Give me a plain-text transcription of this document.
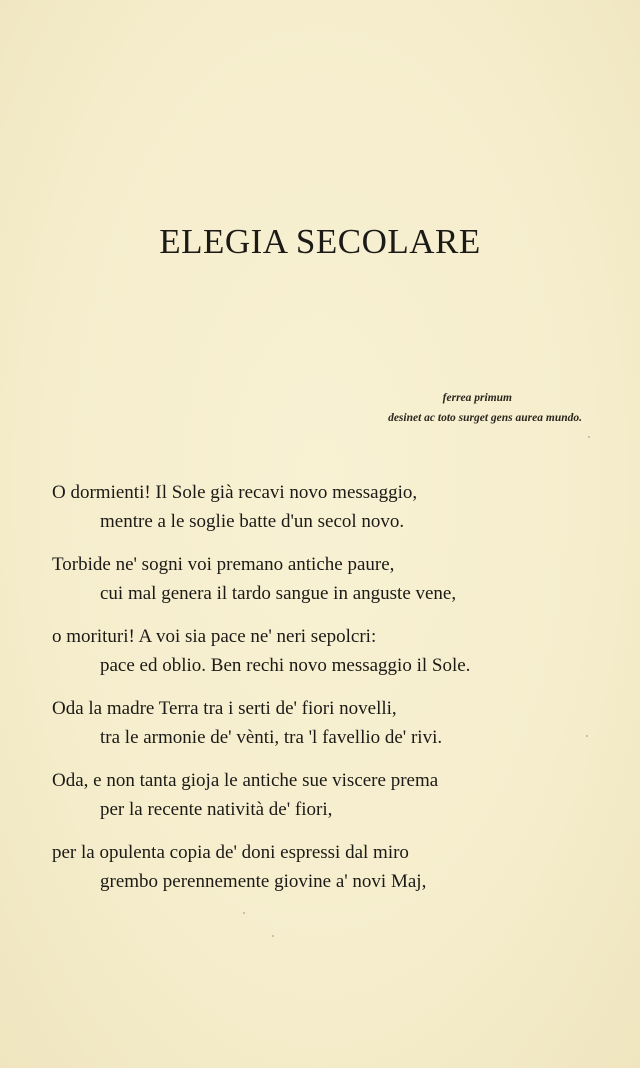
ELEGIA SECOLARE
ferrea primum
desinet ac toto surget gens aurea mundo.
O dormienti! Il Sole già recavi novo messaggio,
mentre a le soglie batte d'un secol novo.
Torbide ne' sogni voi premano antiche paure,
cui mal genera il tardo sangue in anguste vene,
o morituri! A voi sia pace ne' neri sepolcri:
pace ed oblio. Ben rechi novo messaggio il Sole.
Oda la madre Terra tra i serti de' fiori novelli,
tra le armonie de' vènti, tra 'l favellio de' rivi.
Oda, e non tanta gioja le antiche sue viscere prema
per la recente natività de' fiori,
per la opulenta copia de' doni espressi dal miro
grembo perennemente giovine a' novi Maj,
